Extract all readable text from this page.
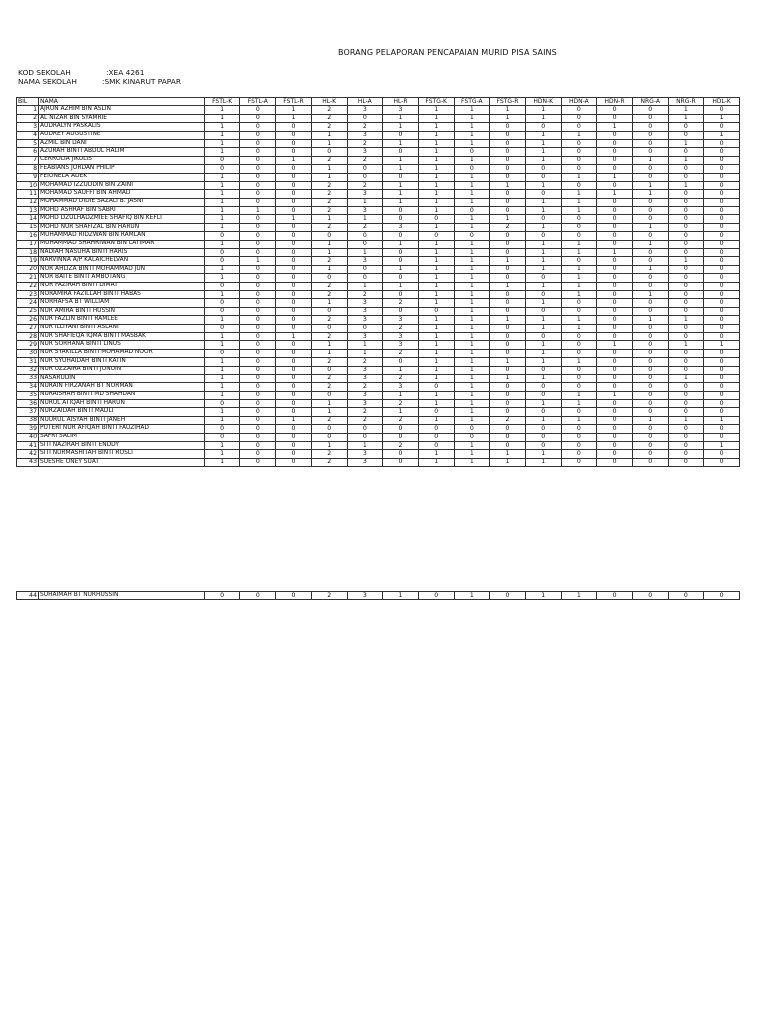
BORANG PELAPORAN PENCAPAIAN MURID PISA SAINS
KOD SEKOLAH	:XEA 4261
NAMA SEKOLAH	:SMK KINARUT PAPAR
BIL	NAMA	FSTL-K	FSTL-A	FSTL-R	HL-K	HL-A	HL-R	FSTG-K	FSTG-A	FSTG-R	HDN-K	HDN-A	HDN-R	NRG-A	NRG-R	HDL-K
1	AJRUN AZHIM BIN ASLIN	1	0	1	2	3	3	1	1	1	1	0	0	0	1	0
2	AL NIZAR BIN SYAMRIE	1	0	1	2	0	1	1	1	1	1	0	0	0	1	1
3	AUDRALYN PASKALIS	1	0	0	2	2	1	1	1	0	0	0	1	0	0	0
4	AUDREY AUGUSTINE	1	0	0	1	3	0	1	1	0	1	1	0	0	0	1
5	AZMIL BIN DANI	1	0	0	1	2	1	1	1	0	1	0	0	0	1	0
6	AZURAH BINTI ABDUL HALIM	1	0	0	0	3	0	1	0	0	1	0	0	0	0	0
7	CERROLIA JIKULIS	0	0	1	2	2	1	1	1	0	1	0	0	1	1	0
8	FEABIANS JORDAN PHILIP	0	0	0	1	0	1	1	0	0	0	0	0	0	0	0
9	FEIONELA ADEK	1	0	0	1	0	0	1	1	0	0	1	1	0	0	0
10	MOHAMAD IZZUDDIN BIN ZAINI	1	0	0	2	2	1	1	1	1	1	0	0	1	1	0
11	MOHAMAD SAUFFI BIN AHMAD	1	0	0	2	3	1	1	1	0	0	1	1	1	0	0
12	MOHAMMAD DIDIE SAZALI B. JASNI	1	0	0	2	1	1	1	1	0	1	1	0	0	0	0
13	MOHD ASHRAF BIN SABRI	1	1	0	2	3	0	1	0	0	1	1	0	0	0	0
14	MOHD DZULHADZMIEE SHAFIQ BIN KEFLI	1	0	1	1	1	0	0	1	1	0	0	0	0	0	0
15	MOHD NUR SHAFIZAL BIN HARUN	1	0	0	2	2	3	1	1	2	1	0	0	1	0	0
16	MUHAMMAD RIDZWAN BIN RAMLAN	0	0	0	0	0	0	0	0	0	0	0	0	0	0	0
17	MUHAMMAD SHAHRIWAN BIN LATIMAR	1	0	0	1	0	1	1	1	0	1	1	0	1	0	0
18	NADIAH NASUHA BINTI HARIS	0	0	0	1	1	0	1	1	0	1	1	1	0	0	0
19	NARVINNA A/P KALAICHELVAN	0	1	0	2	3	0	1	1	1	1	0	0	0	1	0
20	NOR AHLIZA BINTI MOHAMMAD JUN	1	0	0	1	0	1	1	1	0	1	1	0	1	0	0
21	NOR BAITE BINTI AMBOTANG	1	0	0	0	0	0	1	1	0	0	1	0	0	0	0
22	NOR FAZIRAH BINTI DIMAT	0	0	0	2	1	1	1	1	1	1	1	0	0	0	0
23	NORAMIRA FAZILLAH BINTI HABAS	1	0	0	2	2	0	1	1	0	0	1	0	1	0	0
24	NORHAFSA BT WILLIAM	0	0	0	1	3	2	1	1	0	1	0	0	0	0	0
25	NUR AMIRA BINTI HUSSIN	0	0	0	0	3	0	0	1	0	0	0	0	0	0	0
26	NUR FAZLIN BINTI RAMLEE	1	0	0	2	3	3	1	1	1	1	1	0	1	1	0
27	NUR ILLIYANI BINTI ASLANI	0	0	0	0	0	2	1	1	0	1	1	0	0	0	0
28	NUR SHAFIEQA IQMA BINTI MASBAK	1	0	1	2	3	3	1	1	0	0	0	0	0	0	0
29	NUR SORHANA BINTI LINUS	1	0	0	1	1	3	1	1	0	1	0	1	0	1	1
30	NUR SYAKILLA BINTI MOHAMAD NOOR	0	0	0	1	1	2	1	1	0	1	0	0	0	0	0
31	NUR SYUHAIDAH BINTI KATIN	1	0	0	2	2	0	1	1	1	1	1	0	0	0	0
32	NUR UZZAIRA BINTI JONUIN	1	0	0	0	3	1	1	1	0	0	0	0	0	0	0
33	NASARUDIN	1	0	0	2	3	2	1	1	1	1	0	0	0	1	0
34	NURAIN FIRZANAH BT NORMAN	1	0	0	2	2	3	0	1	0	0	0	0	0	0	0
35	NURAISHAH BINTI MD SHAHDAN	1	0	0	0	3	1	1	1	0	0	1	1	0	0	0
36	NURUL ATIQAH BINTI HARUN	0	0	0	1	3	2	1	1	0	1	1	0	0	0	0
37	NURZAIDAH BINTI MADLI	1	0	0	1	2	1	0	1	0	0	0	0	0	0	0
38	NUURUL AISYAH BINTI JANEH	1	0	1	2	2	2	1	1	2	1	1	0	1	1	1
39	PUTERI NUR AFIQAH BINTI FAUZIHAD	0	0	0	0	0	0	0	0	0	0	0	0	0	0	0
40	SAFRI SALIM	0	0	0	0	0	0	0	0	0	0	0	0	0	0	0
41	SITI NAZIRAH BINTI ENDDY	1	0	0	1	1	2	0	1	0	0	0	0	0	0	1
42	SITI NURMASHITAH BINTI ROSLI	1	0	0	2	3	0	1	1	1	1	0	0	0	0	0
43	SUESHE ONEY SUAT	1	0	0	2	3	0	1	1	1	1	0	0	0	0	0
44	SUHAIMAH BT NURHUSSIN	0	0	0	2	3	1	0	1	0	1	1	0	0	0	0
